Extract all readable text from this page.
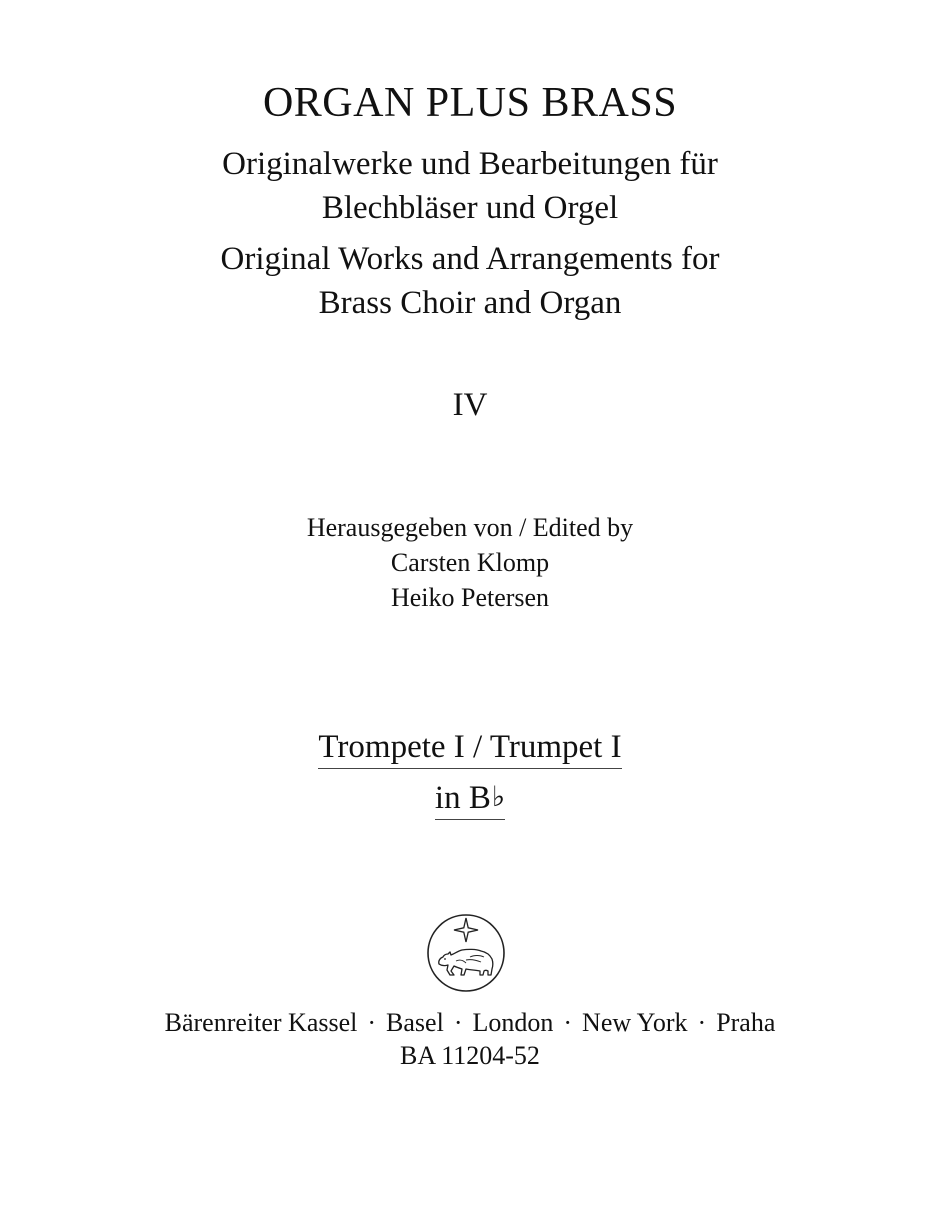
ORGAN PLUS BRASS
Originalwerke und Bearbeitungen für
Blechbläser und Orgel
Original Works and Arrangements for
Brass Choir and Organ
IV
Herausgegeben von / Edited by
Carsten Klomp
Heiko Petersen
Trompete I / Trumpet I
in B♭
Bärenreiter Kassel · Basel · London · New York · Praha
BA 11204-52
